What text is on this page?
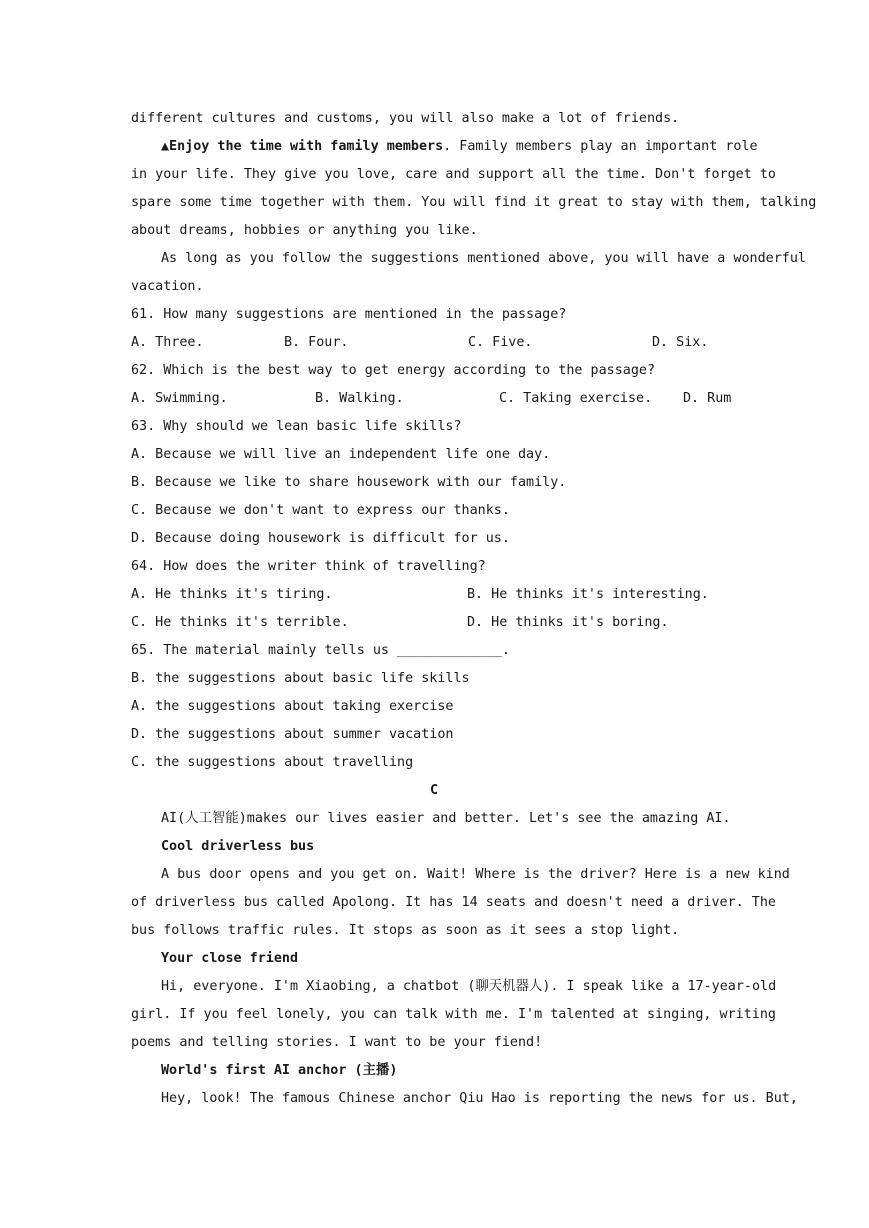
different cultures and customs, you will also make a lot of friends.
▲Enjoy the time with family members. Family members play an important role
in your life. They give you love, care and support all the time. Don't forget to
spare some time together with them. You will find it great to stay with them, talking
about dreams, hobbies or anything you like.
As long as you follow the suggestions mentioned above, you will have a wonderful
vacation.
61. How many suggestions are mentioned in the passage?
A. Three.	B. Four.	C. Five.	D. Six.
62. Which is the best way to get energy according to the passage?
A. Swimming.	B. Walking.	C. Taking exercise.	D. Rum
63. Why should we lean basic life skills?
A. Because we will live an independent life one day.
B. Because we like to share housework with our family.
C. Because we don't want to express our thanks.
D. Because doing housework is difficult for us.
64. How does the writer think of travelling?
A. He thinks it's tiring.	B. He thinks it's interesting.
C. He thinks it's terrible.	D. He thinks it's boring.
65. The material mainly tells us _____________.
B. the suggestions about basic life skills
A. the suggestions about taking exercise
D. the suggestions about summer vacation
C. the suggestions about travelling
C
AI(人工智能)makes our lives easier and better. Let's see the amazing AI.
Cool driverless bus
A bus door opens and you get on. Wait! Where is the driver? Here is a new kind
of driverless bus called Apolong. It has 14 seats and doesn't need a driver. The
bus follows traffic rules. It stops as soon as it sees a stop light.
Your close friend
Hi, everyone. I'm Xiaobing, a chatbot (聊天机器人). I speak like a 17-year-old
girl. If you feel lonely, you can talk with me. I'm talented at singing, writing
poems and telling stories. I want to be your fiend!
World's first AI anchor (主播)
Hey, look! The famous Chinese anchor Qiu Hao is reporting the news for us. But,
